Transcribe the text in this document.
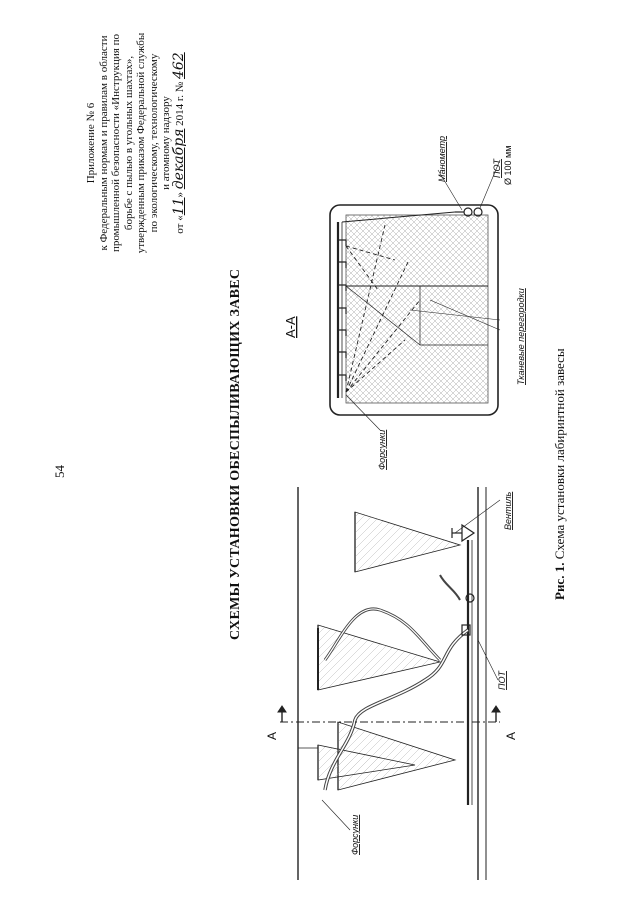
54
Приложение № 6 к Федеральным нормам и правилам в области промышленной безопасности «Инструкция по борьбе с пылью в угольных шахтах», утвержденным приказом Федеральной службы по экологическому, технологическому и атомному надзору
от «11» декабря 2014 г. № 462
СХЕМЫ УСТАНОВКИ ОБЕСПЫЛИВАЮЩИХ ЗАВЕС	Рис. 1. Схема установки лабиринтной завесы
А-А
Манометр	ПОТ Ø 100 мм
Тканевые перегородки
Форсунки
А	А
ПОТ
Вентиль
Форсунки
